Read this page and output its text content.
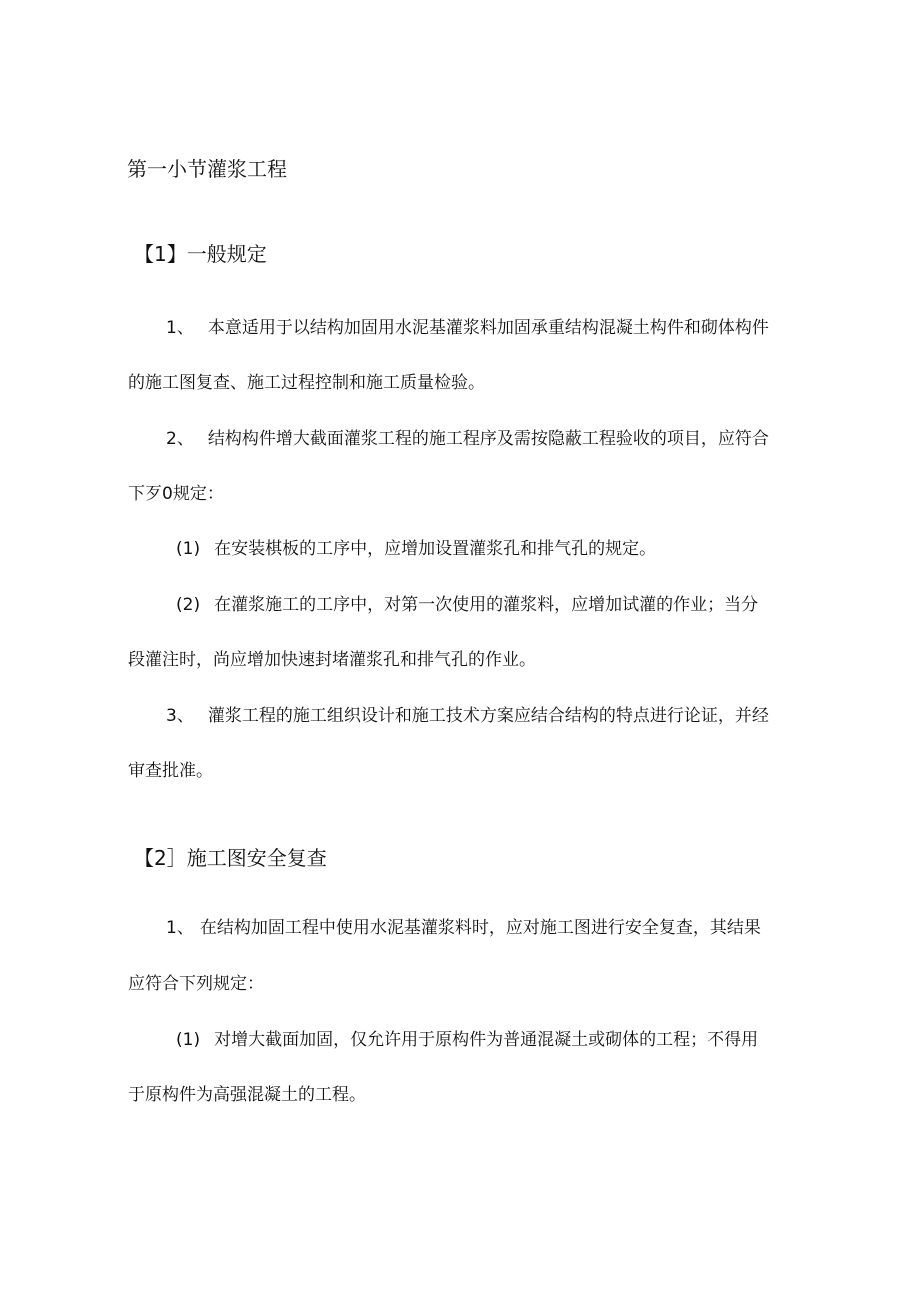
第一小节灌浆工程
【1】一般规定
1、 本意适用于以结构加固用水泥基灌浆料加固承重结构混凝土构件和砌体构件
的施工图复查、施工过程控制和施工质量检验。
2、 结构构件增大截面灌浆工程的施工程序及需按隐蔽工程验收的项目，应符合
下歹0规定：
(1) 在安装棋板的工序中，应增加设置灌浆孔和排气孔的规定。
(2) 在灌浆施工的工序中，对第一次使用的灌浆料，应增加试灌的作业；当分
段灌注时，尚应增加快速封堵灌浆孔和排气孔的作业。
3、 灌浆工程的施工组织设计和施工技术方案应结合结构的特点进行论证，并经
审查批准。
【2］施工图安全复查
1、 在结构加固工程中使用水泥基灌浆料时，应对施工图进行安全复查，其结果
应符合下列规定：
(1) 对增大截面加固，仅允许用于原构件为普通混凝土或砌体的工程；不得用
于原构件为高强混凝土的工程。
